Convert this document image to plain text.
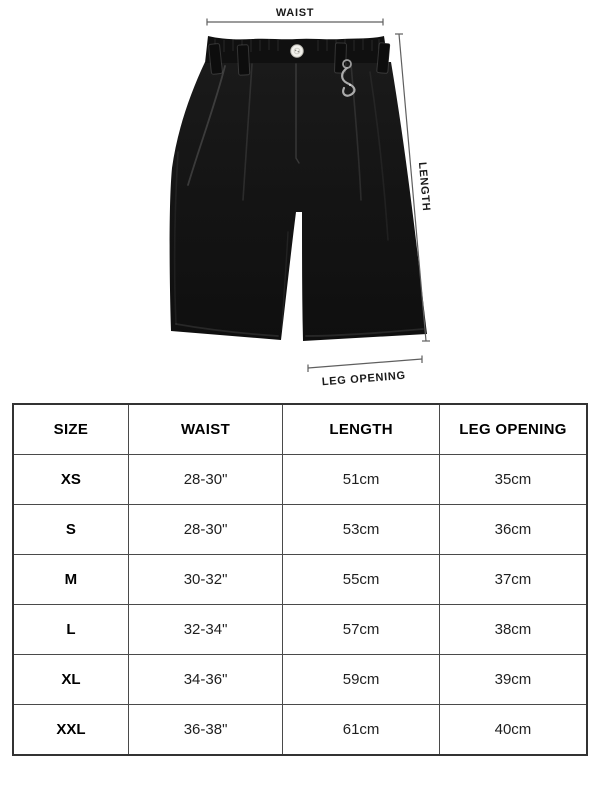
WAIST
LENGTH
LEG OPENING
SIZE	WAIST	LENGTH	LEG OPENING
XS	28-30"	51cm	35cm
S	28-30"	53cm	36cm
M	30-32"	55cm	37cm
L	32-34"	57cm	38cm
XL	34-36"	59cm	39cm
XXL	36-38"	61cm	40cm
